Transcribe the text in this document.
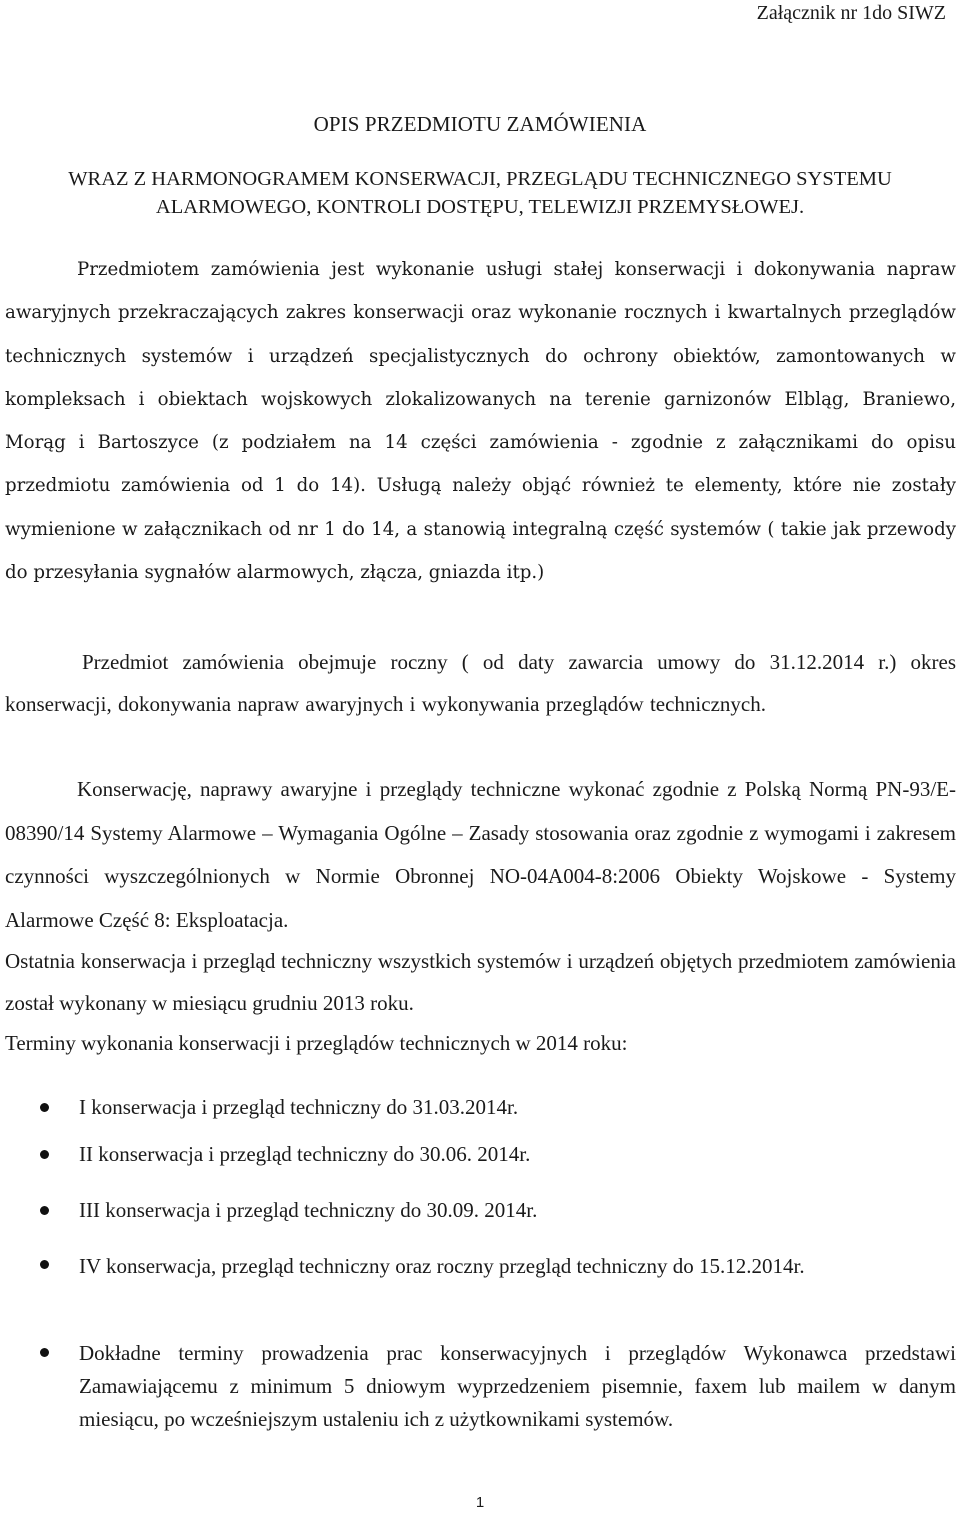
Załącznik nr 1do SIWZ
OPIS PRZEDMIOTU ZAMÓWIENIA
WRAZ Z HARMONOGRAMEM KONSERWACJI, PRZEGLĄDU TECHNICZNEGO SYSTEMU ALARMOWEGO, KONTROLI DOSTĘPU, TELEWIZJI PRZEMYSŁOWEJ.
Przedmiotem zamówienia jest wykonanie usługi stałej konserwacji i dokonywania napraw awaryjnych przekraczających zakres konserwacji oraz wykonanie rocznych i kwartalnych przeglądów technicznych systemów i urządzeń specjalistycznych do ochrony obiektów, zamontowanych w kompleksach i obiektach wojskowych zlokalizowanych na terenie garnizonów Elbląg, Braniewo, Morąg i Bartoszyce (z podziałem na 14 części zamówienia - zgodnie z załącznikami do opisu przedmiotu zamówienia od 1 do 14). Usługą należy objąć również te elementy, które nie zostały wymienione w załącznikach od nr 1 do 14, a stanowią integralną część systemów ( takie jak przewody do przesyłania sygnałów alarmowych, złącza, gniazda itp.)
Przedmiot zamówienia obejmuje roczny ( od daty zawarcia umowy do 31.12.2014 r.) okres konserwacji, dokonywania napraw awaryjnych i wykonywania przeglądów technicznych.
Konserwację, naprawy awaryjne i przeglądy techniczne wykonać zgodnie z Polską Normą PN-93/E-08390/14 Systemy Alarmowe – Wymagania Ogólne – Zasady stosowania oraz zgodnie z wymogami i zakresem czynności wyszczególnionych w Normie Obronnej NO-04A004-8:2006 Obiekty Wojskowe - Systemy Alarmowe Część 8: Eksploatacja.
Ostatnia konserwacja i przegląd techniczny wszystkich systemów i urządzeń objętych przedmiotem zamówienia został wykonany w miesiącu grudniu 2013 roku.
Terminy wykonania konserwacji i przeglądów technicznych w 2014 roku:
I konserwacja i przegląd techniczny do 31.03.2014r.
II konserwacja i przegląd techniczny do 30.06. 2014r.
III konserwacja i przegląd techniczny do 30.09. 2014r.
IV konserwacja, przegląd techniczny oraz roczny przegląd techniczny do 15.12.2014r.
Dokładne terminy prowadzenia prac konserwacyjnych i przeglądów Wykonawca przedstawi Zamawiającemu z minimum 5 dniowym wyprzedzeniem pisemnie, faxem lub mailem w danym miesiącu, po wcześniejszym ustaleniu ich z użytkownikami systemów.
1
